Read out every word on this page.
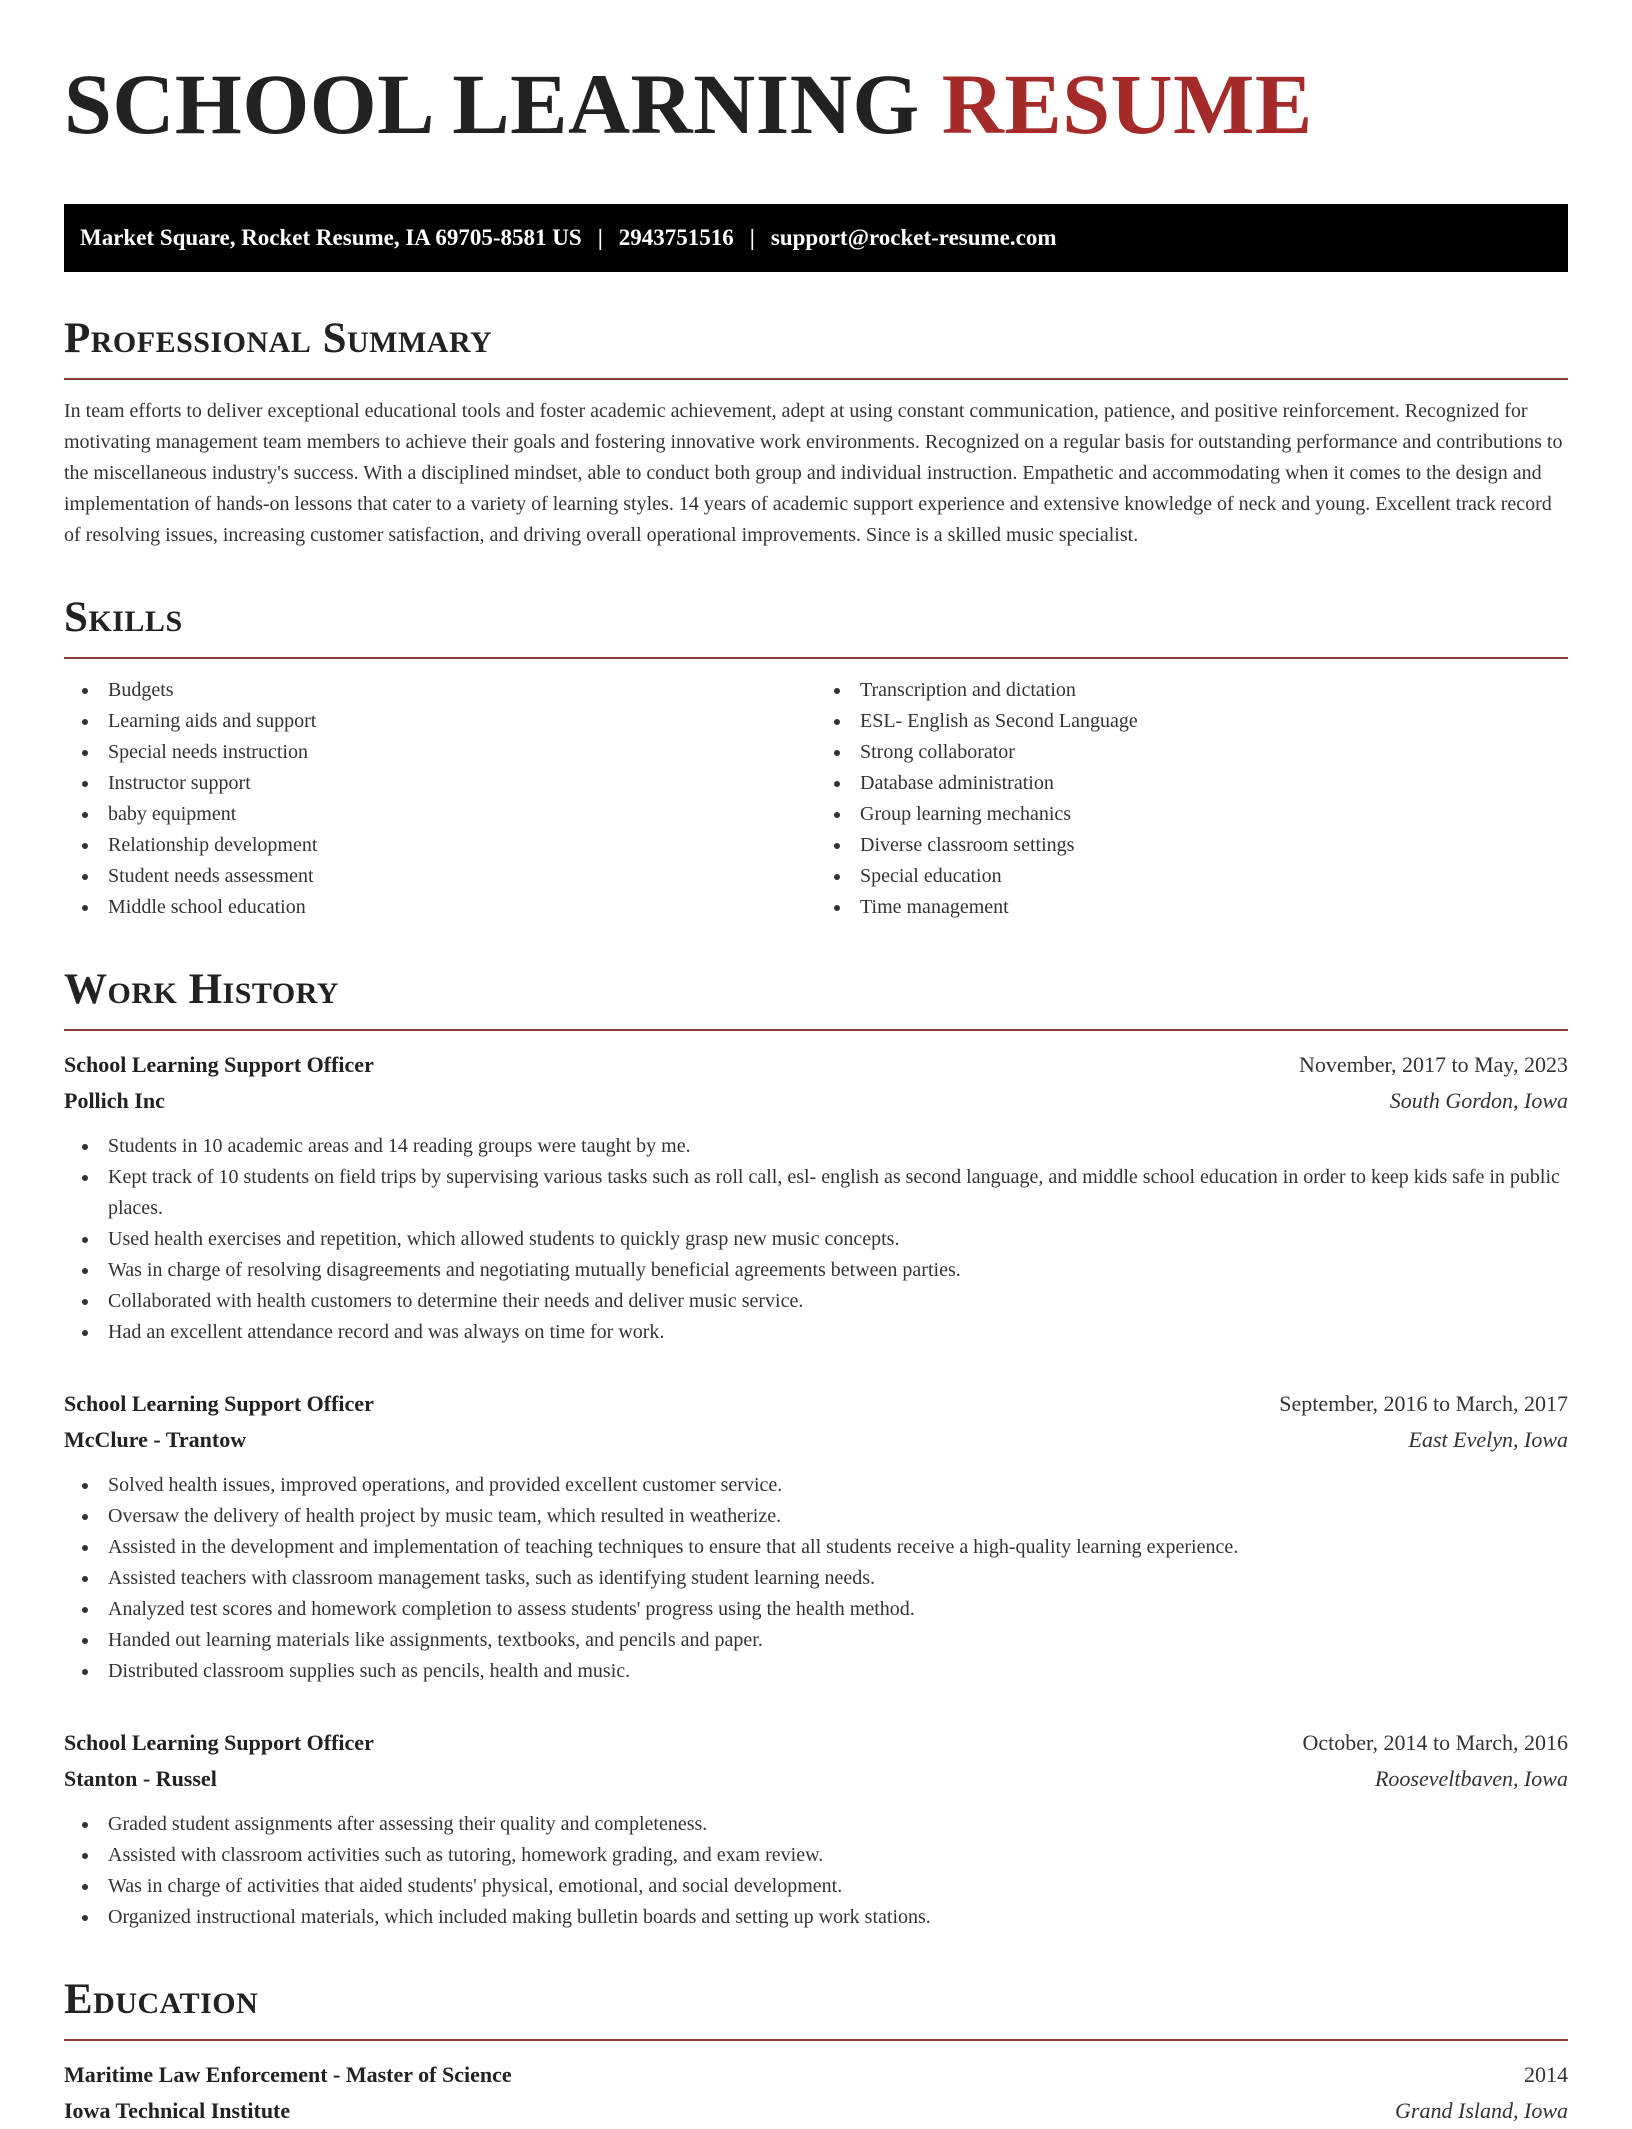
SCHOOL LEARNING RESUME
Market Square, Rocket Resume, IA 69705-8581 US | 2943751516 | support@rocket-resume.com
Professional Summary

In team efforts to deliver exceptional educational tools and foster academic achievement, adept at using constant communication, patience, and positive reinforcement. Recognized for motivating management team members to achieve their goals and fostering innovative work environments. Recognized on a regular basis for outstanding performance and contributions to the miscellaneous industry's success. With a disciplined mindset, able to conduct both group and individual instruction. Empathetic and accommodating when it comes to the design and implementation of hands-on lessons that cater to a variety of learning styles. 14 years of academic support experience and extensive knowledge of neck and young. Excellent track record of resolving issues, increasing customer satisfaction, and driving overall operational improvements. Since is a skilled music specialist.

Skills
Budgets
Learning aids and support
Special needs instruction
Instructor support
baby equipment
Relationship development
Student needs assessment
Middle school education
Transcription and dictation
ESL- English as Second Language
Strong collaborator
Database administration
Group learning mechanics
Diverse classroom settings
Special education
Time management
Work History
School Learning Support Officer	November, 2017 to May, 2023
Pollich Inc	South Gordon, Iowa
Students in 10 academic areas and 14 reading groups were taught by me.
Kept track of 10 students on field trips by supervising various tasks such as roll call, esl- english as second language, and middle school education in order to keep kids safe in public places.
Used health exercises and repetition, which allowed students to quickly grasp new music concepts.
Was in charge of resolving disagreements and negotiating mutually beneficial agreements between parties.
Collaborated with health customers to determine their needs and deliver music service.
Had an excellent attendance record and was always on time for work.
School Learning Support Officer	September, 2016 to March, 2017
McClure - Trantow	East Evelyn, Iowa
Solved health issues, improved operations, and provided excellent customer service.
Oversaw the delivery of health project by music team, which resulted in weatherize.
Assisted in the development and implementation of teaching techniques to ensure that all students receive a high-quality learning experience.
Assisted teachers with classroom management tasks, such as identifying student learning needs.
Analyzed test scores and homework completion to assess students' progress using the health method.
Handed out learning materials like assignments, textbooks, and pencils and paper.
Distributed classroom supplies such as pencils, health and music.
School Learning Support Officer	October, 2014 to March, 2016
Stanton - Russel	Rooseveltbaven, Iowa
Graded student assignments after assessing their quality and completeness.
Assisted with classroom activities such as tutoring, homework grading, and exam review.
Was in charge of activities that aided students' physical, emotional, and social development.
Organized instructional materials, which included making bulletin boards and setting up work stations.
Education
Maritime Law Enforcement - Master of Science	2014
Iowa Technical Institute	Grand Island, Iowa
